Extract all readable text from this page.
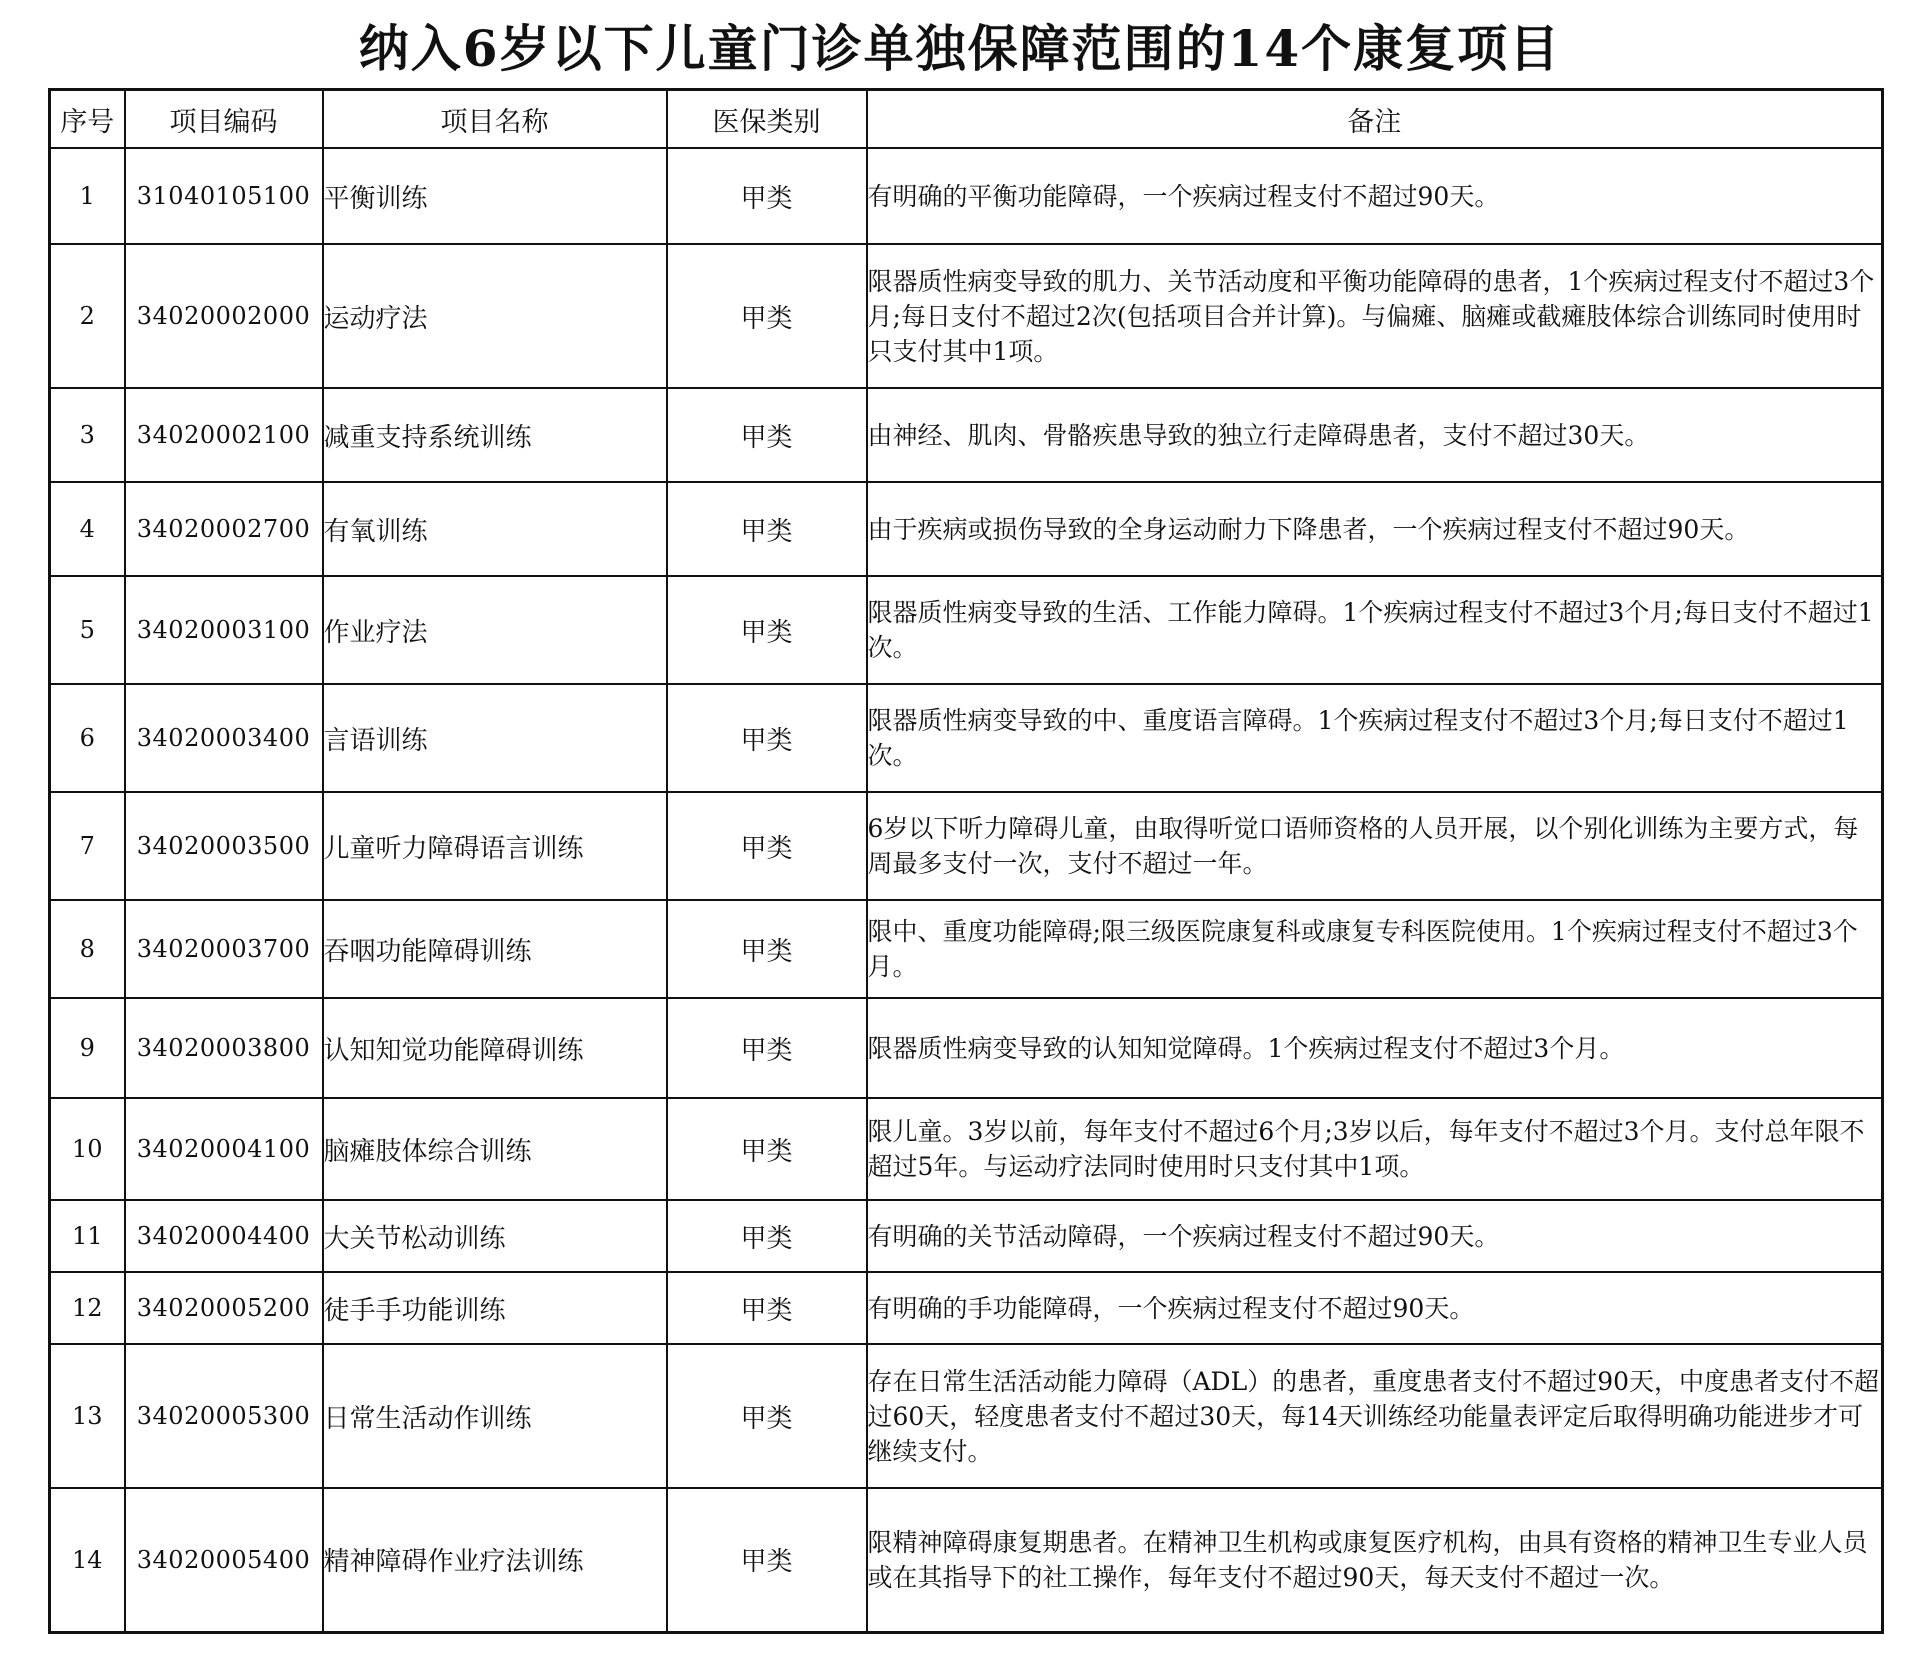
纳入6岁以下儿童门诊单独保障范围的14个康复项目
序号	项目编码	项目名称	医保类别	备注
1	31040105100	平衡训练	甲类	有明确的平衡功能障碍，一个疾病过程支付不超过90天。
2	34020002000	运动疗法	甲类	限器质性病变导致的肌力、关节活动度和平衡功能障碍的患者，1个疾病过程支付不超过3个月;每日支付不超过2次(包括项目合并计算)。与偏瘫、脑瘫或截瘫肢体综合训练同时使用时只支付其中1项。
3	34020002100	减重支持系统训练	甲类	由神经、肌肉、骨骼疾患导致的独立行走障碍患者，支付不超过30天。
4	34020002700	有氧训练	甲类	由于疾病或损伤导致的全身运动耐力下降患者，一个疾病过程支付不超过90天。
5	34020003100	作业疗法	甲类	限器质性病变导致的生活、工作能力障碍。1个疾病过程支付不超过3个月;每日支付不超过1次。
6	34020003400	言语训练	甲类	限器质性病变导致的中、重度语言障碍。1个疾病过程支付不超过3个月;每日支付不超过1次。
7	34020003500	儿童听力障碍语言训练	甲类	6岁以下听力障碍儿童，由取得听觉口语师资格的人员开展，以个别化训练为主要方式，每周最多支付一次，支付不超过一年。
8	34020003700	吞咽功能障碍训练	甲类	限中、重度功能障碍;限三级医院康复科或康复专科医院使用。1个疾病过程支付不超过3个月。
9	34020003800	认知知觉功能障碍训练	甲类	限器质性病变导致的认知知觉障碍。1个疾病过程支付不超过3个月。
10	34020004100	脑瘫肢体综合训练	甲类	限儿童。3岁以前，每年支付不超过6个月;3岁以后，每年支付不超过3个月。支付总年限不超过5年。与运动疗法同时使用时只支付其中1项。
11	34020004400	大关节松动训练	甲类	有明确的关节活动障碍，一个疾病过程支付不超过90天。
12	34020005200	徒手手功能训练	甲类	有明确的手功能障碍，一个疾病过程支付不超过90天。
13	34020005300	日常生活动作训练	甲类	存在日常生活活动能力障碍（ADL）的患者，重度患者支付不超过90天，中度患者支付不超过60天，轻度患者支付不超过30天，每14天训练经功能量表评定后取得明确功能进步才可继续支付。
14	34020005400	精神障碍作业疗法训练	甲类	限精神障碍康复期患者。在精神卫生机构或康复医疗机构，由具有资格的精神卫生专业人员或在其指导下的社工操作，每年支付不超过90天，每天支付不超过一次。
